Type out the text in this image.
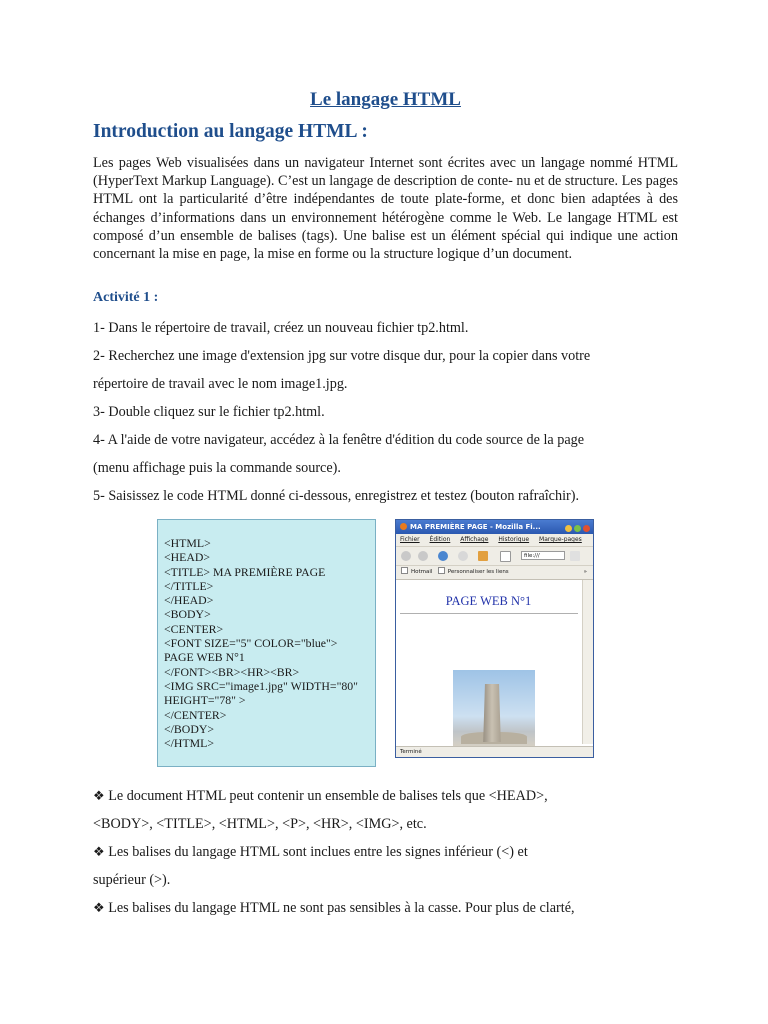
Le langage HTML
Introduction au langage HTML :

Les pages Web visualisées dans un navigateur Internet sont écrites avec un langage nommé HTML (HyperText Markup Language). C’est un langage de description de conte- nu et de structure. Les pages HTML ont la particularité d’être indépendantes de toute plate-forme, et donc bien adaptées à des échanges d’informations dans un environnement hétérogène comme le Web. Le langage HTML est composé d’un ensemble de balises (tags). Une balise est un élément spécial qui indique une action concernant la mise en page, la mise en forme ou la structure logique d’un document.

Activité 1 :

1- Dans le répertoire de travail, créez un nouveau fichier tp2.html.

2- Recherchez une image d'extension jpg sur votre disque dur, pour la copier dans votre

répertoire de travail avec le nom image1.jpg.

3- Double cliquez sur le fichier tp2.html.

4- A l'aide de votre navigateur, accédez à la fenêtre d'édition du code source de la page

(menu affichage puis la commande source).

5- Saisissez le code HTML donné ci-dessous, enregistrez et testez (bouton rafraîchir).

<HTML>
<HEAD>
<TITLE> MA PREMIÈRE PAGE
</TITLE>
</HEAD>
<BODY>
<CENTER>
<FONT SIZE="5" COLOR="blue">
PAGE WEB N°1
</FONT><BR><HR><BR>
<IMG SRC="image1.jpg" WIDTH="80"
HEIGHT="78" >
</CENTER>
</BODY>
</HTML>
MA PREMIÈRE PAGE - Mozilla Fi...
Fichier Édition Affichage Historique Marque-pages
file:///
Hotmail	Personnaliser les liens	»
PAGE WEB N°1
Terminé

❖ Le document HTML peut contenir un ensemble de balises tels que <HEAD>,

<BODY>, <TITLE>, <HTML>, <P>, <HR>, <IMG>, etc.

❖ Les balises du langage HTML sont inclues entre les signes inférieur (<) et

supérieur (>).

❖ Les balises du langage HTML ne sont pas sensibles à la casse. Pour plus de clarté,
